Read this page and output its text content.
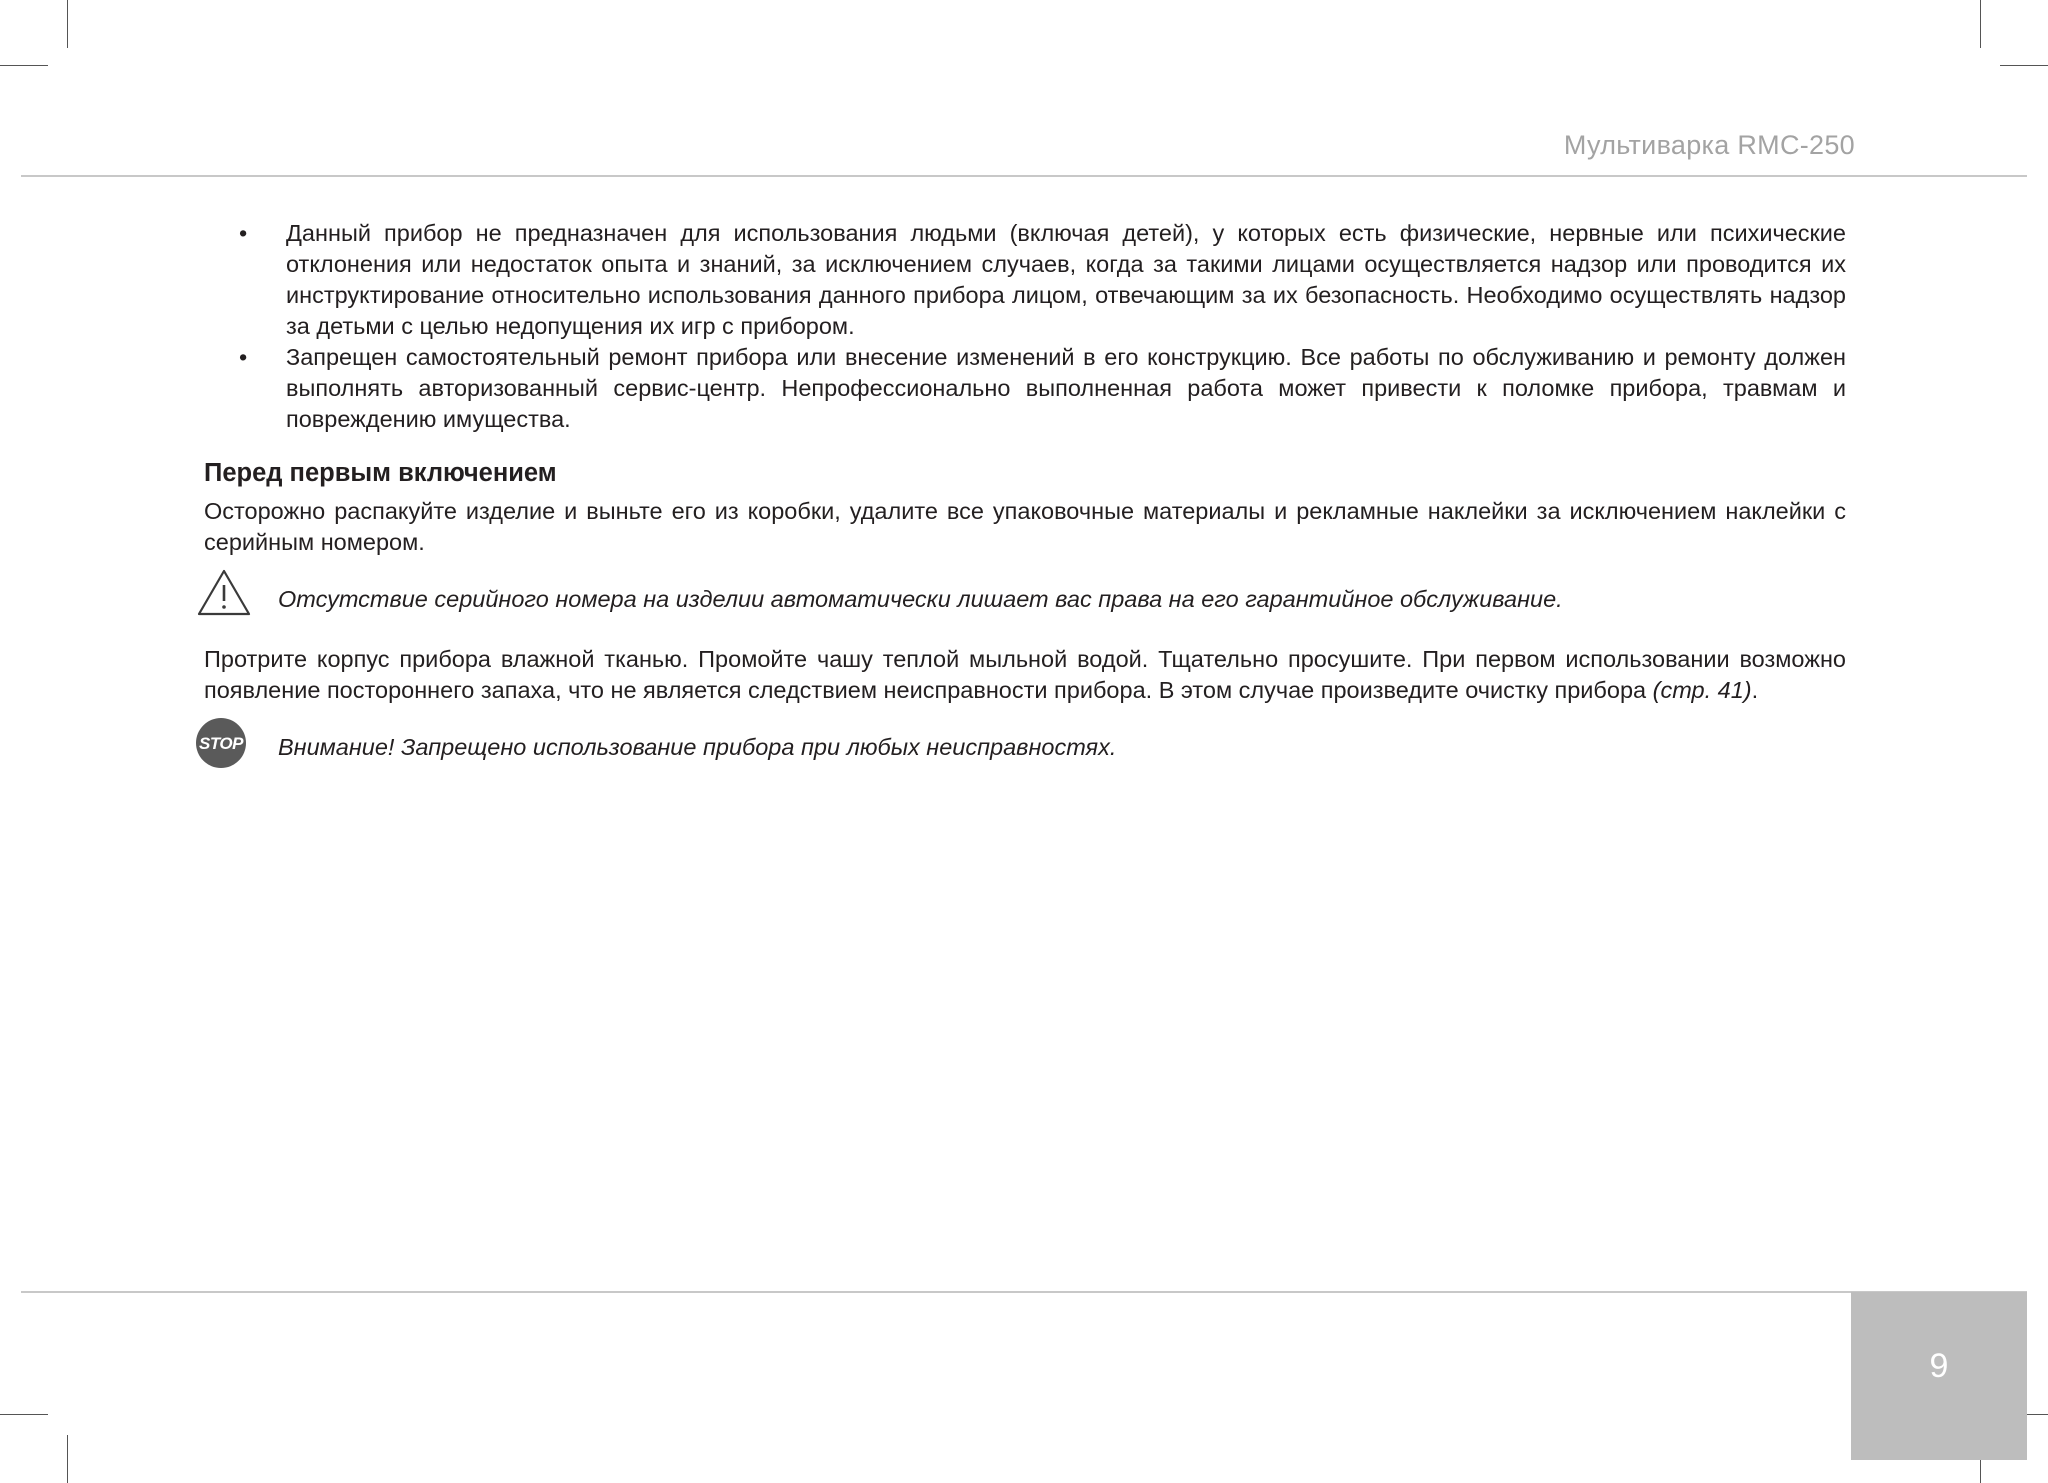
Мультиварка RMC-250
• Данный прибор не предназначен для использования людьми (включая детей), у которых есть физические, нервные или психические отклонения или недостаток опыта и знаний, за исключением случаев, когда за такими лицами осуществляется надзор или проводится их инструктирование относительно использования данного прибора лицом, отвечающим за их безопасность. Необходимо осуществлять надзор за детьми с целью недопущения их игр с прибором.
• Запрещен самостоятельный ремонт прибора или внесение изменений в его конструкцию. Все работы по обслуживанию и ремонту должен выполнять авторизованный сервис-центр. Непрофессионально выполненная работа может привести к поломке прибора, травмам и повреждению имущества.
Перед первым включением

Осторожно распакуйте изделие и выньте его из коробки, удалите все упаковочные материалы и рекламные наклейки за исключением наклейки с серийным номером.

Отсутствие серийного номера на изделии автоматически лишает вас права на его гарантийное обслуживание.

Протрите корпус прибора влажной тканью. Промойте чашу теплой мыльной водой. Тщательно просушите. При первом использовании возможно появление постороннего запаха, что не является следствием неисправности прибора. В этом случае произведите очистку прибора (стр. 41).

STOP Внимание! Запрещено использование прибора при любых неисправностях.
9
